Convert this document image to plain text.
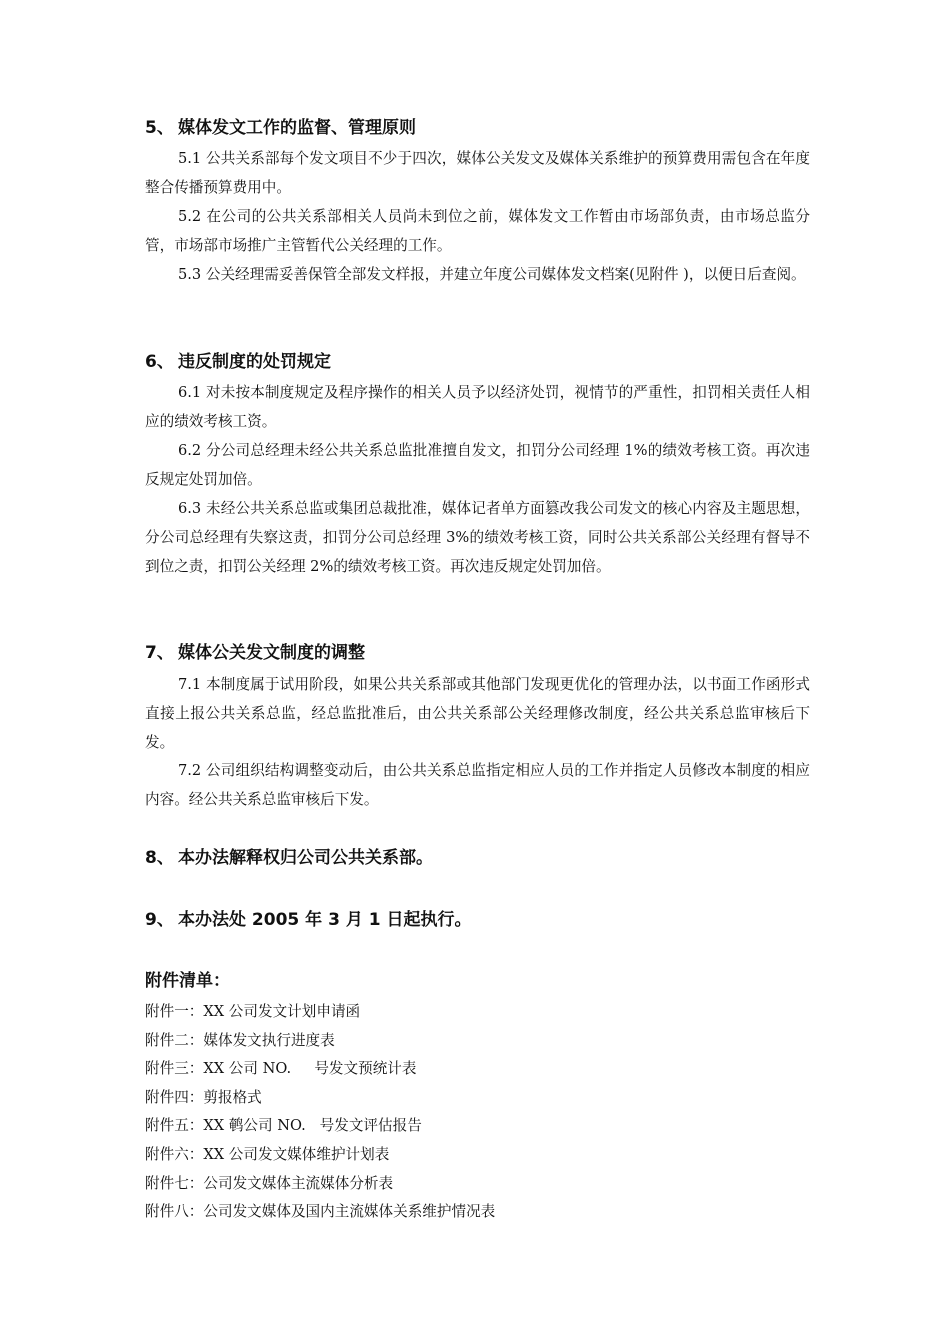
5、 媒体发文工作的监督、管理原则

5.1 公共关系部每个发文项目不少于四次，媒体公关发文及媒体关系维护的预算费用需包含在年度整合传播预算费用中。

5.2 在公司的公共关系部相关人员尚未到位之前，媒体发文工作暂由市场部负责，由市场总监分管，市场部市场推广主管暂代公关经理的工作。

5.3 公关经理需妥善保管全部发文样报，并建立年度公司媒体发文档案(见附件 )，以便日后查阅。

6、 违反制度的处罚规定

6.1 对未按本制度规定及程序操作的相关人员予以经济处罚，视情节的严重性，扣罚相关责任人相应的绩效考核工资。

6.2 分公司总经理未经公共关系总监批准擅自发文，扣罚分公司经理 1%的绩效考核工资。再次违反规定处罚加倍。

6.3 未经公共关系总监或集团总裁批准，媒体记者单方面篡改我公司发文的核心内容及主题思想，分公司总经理有失察这责，扣罚分公司总经理 3%的绩效考核工资，同时公共关系部公关经理有督导不到位之责，扣罚公关经理 2%的绩效考核工资。再次违反规定处罚加倍。

7、 媒体公关发文制度的调整

7.1 本制度属于试用阶段，如果公共关系部或其他部门发现更优化的管理办法，以书面工作函形式直接上报公共关系总监，经总监批准后，由公共关系部公关经理修改制度，经公共关系总监审核后下发。

7.2 公司组织结构调整变动后，由公共关系总监指定相应人员的工作并指定人员修改本制度的相应内容。经公共关系总监审核后下发。

8、 本办法解释权归公司公共关系部。
9、 本办法处 2005 年 3 月 1 日起执行。
附件清单：
附件一：XX 公司发文计划申请函
附件二：媒体发文执行进度表
附件三：XX 公司 NO.     号发文预统计表
附件四：剪报格式
附件五：XX 鹌公司 NO.   号发文评估报告
附件六：XX 公司发文媒体维护计划表
附件七：公司发文媒体主流媒体分析表
附件八：公司发文媒体及国内主流媒体关系维护情况表
